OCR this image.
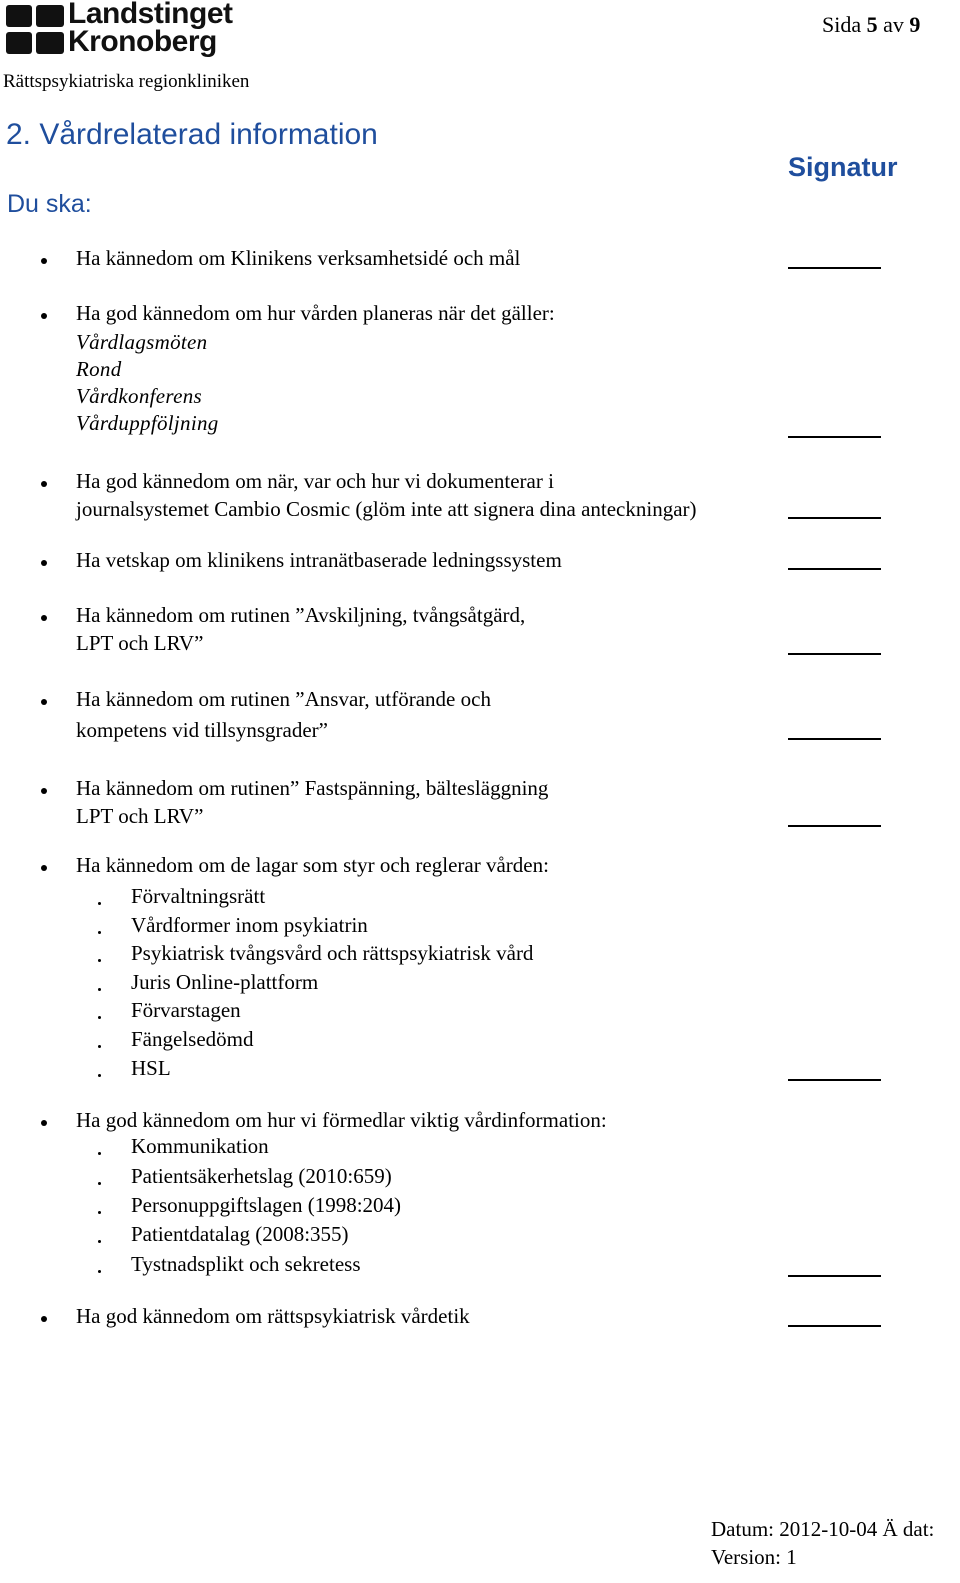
Landstinget
Kronoberg
Rättspsykiatriska regionkliniken
Sida 5 av 9
2. Vårdrelaterad information
Du ska:
Signatur
Ha kännedom om Klinikens verksamhetsidé och mål
Ha god kännedom om hur vården planeras när det gäller:
Vårdlagsmöten
Rond
Vårdkonferens
Vårduppföljning
Ha god kännedom om när, var och hur vi dokumenterar i
journalsystemet Cambio Cosmic (glöm inte att signera dina anteckningar)
Ha vetskap om klinikens intranätbaserade ledningssystem
Ha kännedom om rutinen ”Avskiljning, tvångsåtgärd,
LPT och LRV”
Ha kännedom om rutinen ”Ansvar, utförande och
kompetens vid tillsynsgrader”
Ha kännedom om rutinen” Fastspänning, bältesläggning
LPT och LRV”
Ha kännedom om de lagar som styr och reglerar vården:
Förvaltningsrätt
Vårdformer inom psykiatrin
Psykiatrisk tvångsvård och rättspsykiatrisk vård
Juris Online-plattform
Förvarstagen
Fängelsedömd
HSL
Ha god kännedom om hur vi förmedlar viktig vårdinformation:
Kommunikation
Patientsäkerhetslag (2010:659)
Personuppgiftslagen (1998:204)
Patientdatalag (2008:355)
Tystnadsplikt och sekretess
Ha god kännedom om rättspsykiatrisk vårdetik
Datum: 2012-10-04 Ä dat:
Version: 1
